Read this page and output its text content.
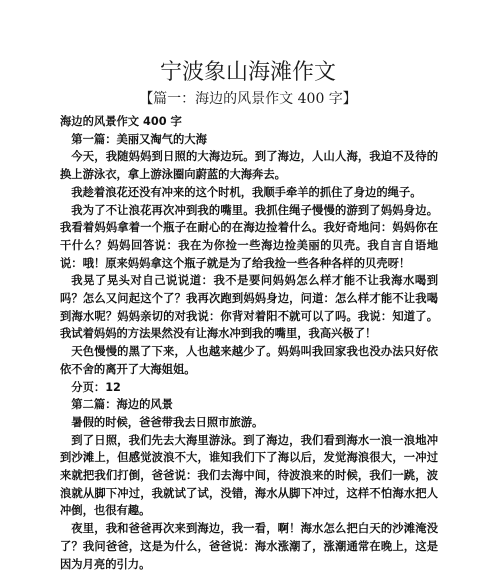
宁波象山海滩作文
【篇一：海边的风景作文 400 字】

海边的风景作文 400 字

第一篇：美丽又淘气的大海

今天，我随妈妈到日照的大海边玩。到了海边，人山人海，我迫不及待的换上游泳衣，拿上游泳圈向蔚蓝的大海奔去。

我趁着浪花还没有冲来的这个时机，我顺手牵羊的抓住了身边的绳子。

我为了不让浪花再次冲到我的嘴里。我抓住绳子慢慢的游到了妈妈身边。我看着妈妈拿着一个瓶子在耐心的在海边捡着什么。我好奇地问：妈妈你在干什么？妈妈回答说：我在为你捡一些海边捡美丽的贝壳。我自言自语地说：哦！原来妈妈拿这个瓶子就是为了给我捡一些各种各样的贝壳呀！

我晃了晃头对自己说说道：我不是要问妈妈怎么样才能不让我海水喝到吗？怎么又问起这个了？我再次跑到妈妈身边，问道：怎么样才能不让我喝到海水呢？妈妈亲切的对我说：你背对着阳不就可以了吗。我说：知道了。我试着妈妈的方法果然没有让海水冲到我的嘴里，我高兴极了！

天色慢慢的黑了下来，人也越来越少了。妈妈叫我回家我也没办法只好依依不舍的离开了大海姐姐。

分页：12

第二篇：海边的风景

暑假的时候，爸爸带我去日照市旅游。

到了日照，我们先去大海里游泳。到了海边，我们看到海水一浪一浪地冲到沙滩上，但感觉波浪不大，谁知我们下了海以后，发觉海浪很大，一冲过来就把我们打倒，爸爸说：我们去海中间，待波浪来的时候，我们一跳，波浪就从脚下冲过，我就试了试，没错，海水从脚下冲过，这样不怕海水把人冲倒，也很有趣。

夜里，我和爸爸再次来到海边，我一看，啊！海水怎么把白天的沙滩淹没了？我问爸爸，这是为什么，爸爸说：海水涨潮了，涨潮通常在晚上，这是因为月亮的引力。
